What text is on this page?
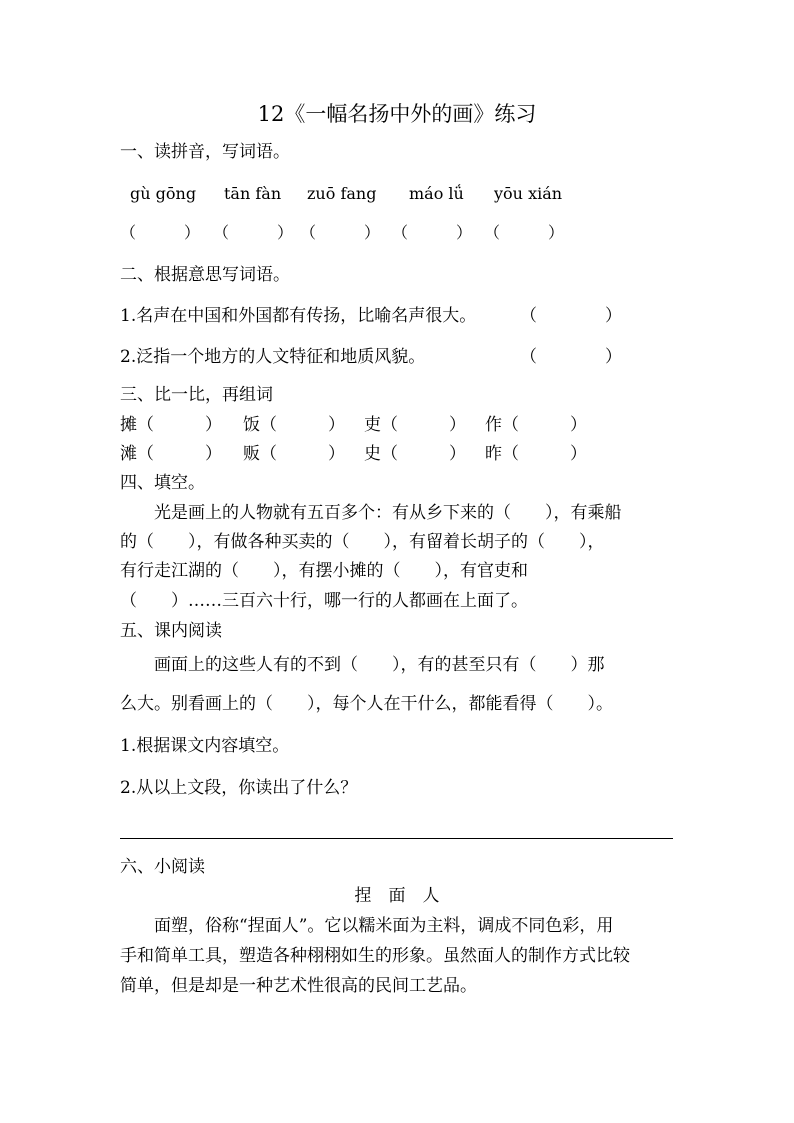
12《一幅名扬中外的画》练习
一、读拼音，写词语。
gù gōng tān fàn zuō fang máo lǘ yōu xián
（　　　） （　　　） （　　　） （　　　） （　　　）
二、根据意思写词语。
1.名声在中国和外国都有传扬，比喻名声很大。	（　　　　）
2.泛指一个地方的人文特征和地质风貌。	（　　　　）
三、比一比，再组词
摊（　　　） 饭（　　　） 吏（　　　） 作（　　　）
滩（　　　） 贩（　　　） 史（　　　） 昨（　　　）
四、填空。
　　光是画上的人物就有五百多个：有从乡下来的（　　），有乘船
的（　　），有做各种买卖的（　　），有留着长胡子的（　　），
有行走江湖的（　　），有摆小摊的（　　），有官吏和
（　　）……三百六十行，哪一行的人都画在上面了。
五、课内阅读
　　画面上的这些人有的不到（　　），有的甚至只有（　　）那
么大。别看画上的（　　），每个人在干什么，都能看得（　　）。
1.根据课文内容填空。
2.从以上文段，你读出了什么？
六、小阅读
捏　面　人
　　面塑，俗称“捏面人”。它以糯米面为主料，调成不同色彩，用
手和简单工具，塑造各种栩栩如生的形象。虽然面人的制作方式比较
简单，但是却是一种艺术性很高的民间工艺品。
